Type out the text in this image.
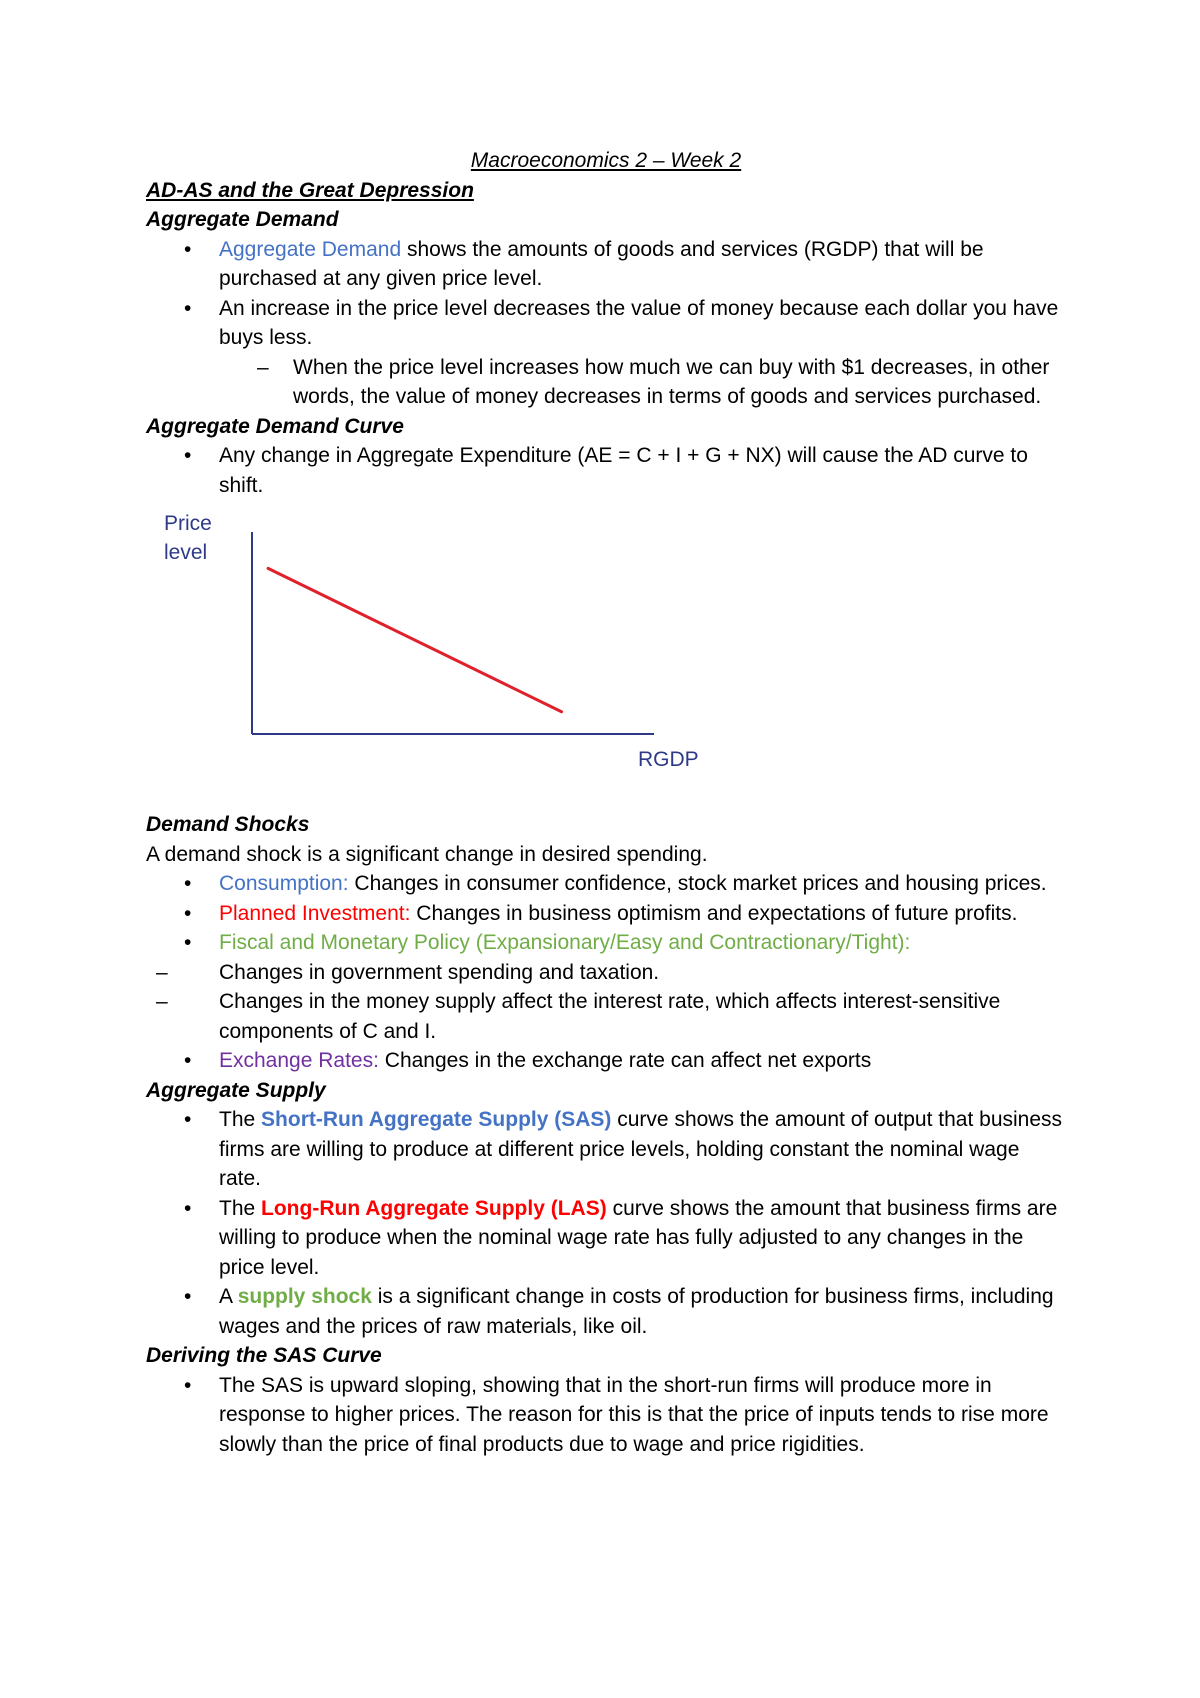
Macroeconomics 2 – Week 2

AD-AS and the Great Depression

Aggregate Demand

• Aggregate Demand shows the amounts of goods and services (RGDP) that will be purchased at any given price level.
• An increase in the price level decreases the value of money because each dollar you have buys less.
– When the price level increases how much we can buy with $1 decreases, in other words, the value of money decreases in terms of goods and services purchased.

Aggregate Demand Curve

• Any change in Aggregate Expenditure (AE = C + I + G + NX) will cause the AD curve to shift.
Price
level
RGDP

Demand Shocks

A demand shock is a significant change in desired spending.

• Consumption: Changes in consumer confidence, stock market prices and housing prices.
• Planned Investment: Changes in business optimism and expectations of future profits.
• Fiscal and Monetary Policy (Expansionary/Easy and Contractionary/Tight):
– Changes in government spending and taxation.
– Changes in the money supply affect the interest rate, which affects interest-sensitive components of C and I.
• Exchange Rates: Changes in the exchange rate can affect net exports

Aggregate Supply

• The Short-Run Aggregate Supply (SAS) curve shows the amount of output that business firms are willing to produce at different price levels, holding constant the nominal wage rate.
• The Long-Run Aggregate Supply (LAS) curve shows the amount that business firms are willing to produce when the nominal wage rate has fully adjusted to any changes in the price level.
• A supply shock is a significant change in costs of production for business firms, including wages and the prices of raw materials, like oil.

Deriving the SAS Curve

• The SAS is upward sloping, showing that in the short-run firms will produce more in response to higher prices. The reason for this is that the price of inputs tends to rise more slowly than the price of final products due to wage and price rigidities.
